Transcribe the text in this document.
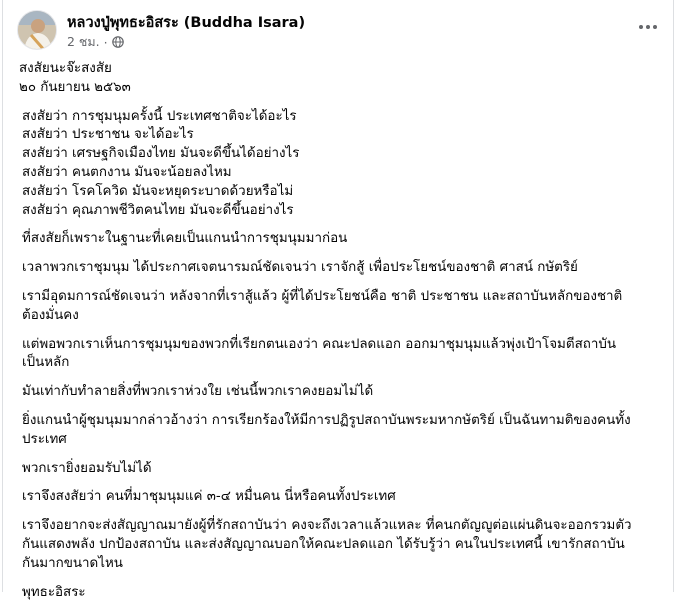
หลวงปู่พุทธะอิสระ (Buddha Isara)
2 ชม. ·

สงสัยนะจ๊ะสงสัย

๒๐ กันยายน ๒๕๖๓

สงสัยว่า การชุมนุมครั้งนี้ ประเทศชาติจะได้อะไร

สงสัยว่า ประชาชน จะได้อะไร

สงสัยว่า เศรษฐกิจเมืองไทย มันจะดีขึ้นได้อย่างไร

สงสัยว่า คนตกงาน มันจะน้อยลงไหม

สงสัยว่า โรคโควิด มันจะหยุดระบาดด้วยหรือไม่

สงสัยว่า คุณภาพชีวิตคนไทย มันจะดีขึ้นอย่างไร

ที่สงสัยก็เพราะในฐานะที่เคยเป็นแกนนำการชุมนุมมาก่อน

เวลาพวกเราชุมนุม ได้ประกาศเจตนารมณ์ชัดเจนว่า เราจักสู้ เพื่อประโยชน์ของชาติ ศาสน์ กษัตริย์

เรามีอุดมการณ์ชัดเจนว่า หลังจากที่เราสู้แล้ว ผู้ที่ได้ประโยชน์คือ ชาติ ประชาชน และสถาบันหลักของชาติ

ต้องมั่นคง

แต่พอพวกเราเห็นการชุมนุมของพวกที่เรียกตนเองว่า คณะปลดแอก ออกมาชุมนุมแล้วพุ่งเป้าโจมตีสถาบัน

เป็นหลัก

มันเท่ากับทำลายสิ่งที่พวกเราห่วงใย เช่นนี้พวกเราคงยอมไม่ได้

ยิ่งแกนนำผู้ชุมนุมมากล่าวอ้างว่า การเรียกร้องให้มีการปฏิรูปสถาบันพระมหากษัตริย์ เป็นฉันทามติของคนทั้ง

ประเทศ

พวกเรายิ่งยอมรับไม่ได้

เราจึงสงสัยว่า คนที่มาชุมนุมแค่ ๓-๔ หมื่นคน นี่หรือคนทั้งประเทศ

เราจึงอยากจะส่งสัญญาณมายังผู้ที่รักสถาบันว่า คงจะถึงเวลาแล้วแหละ ที่คนกตัญญูต่อแผ่นดินจะออกรวมตัว

กันแสดงพลัง ปกป้องสถาบัน และส่งสัญญาณบอกให้คณะปลดแอก ได้รับรู้ว่า คนในประเทศนี้ เขารักสถาบัน

กันมากขนาดไหน

พุทธะอิสระ
